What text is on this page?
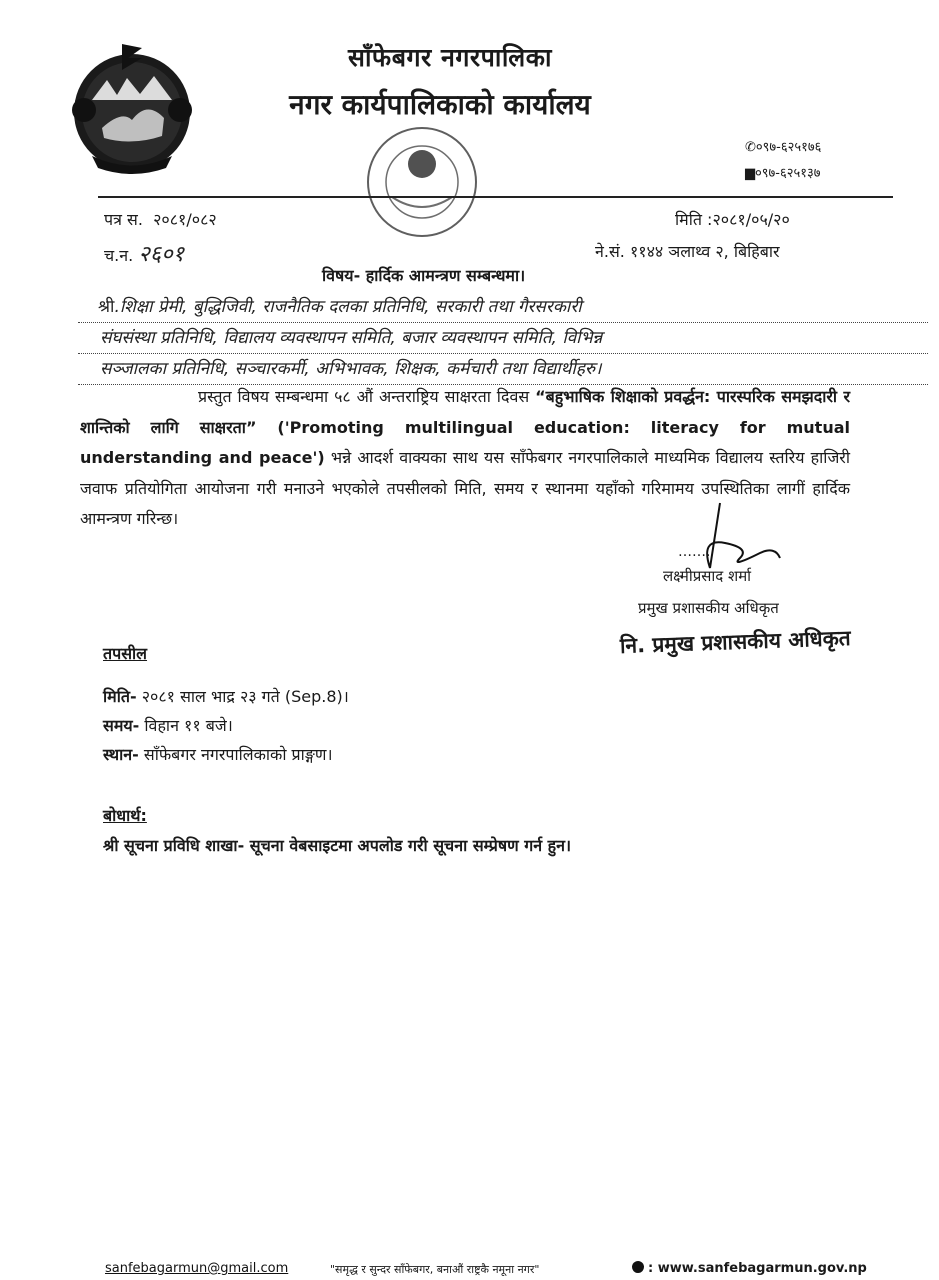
साँफेबगर नगरपालिका
नगर कार्यपालिकाको कार्यालय
✆०९७-६२५१७६
▆०९७-६२५१३७
पत्र स. २०८१/०८२
च.न. २६०१
मिति :२०८१/०५/२०
ने.सं. ११४४ ञलाथ्व २, बिहिबार
विषय- हार्दिक आमन्त्रण सम्बन्धमा।
श्री.शिक्षा प्रेमी, बुद्धिजिवी, राजनैतिक दलका प्रतिनिधि, सरकारी तथा गैरसरकारी
संघसंस्था प्रतिनिधि, विद्यालय व्यवस्थापन समिति, बजार व्यवस्थापन समिति, विभिन्न
सञ्जालका प्रतिनिधि, सञ्चारकर्मी, अभिभावक, शिक्षक, कर्मचारी तथा विद्यार्थीहरु।
प्रस्तुत विषय सम्बन्धमा ५८ औं अन्तराष्ट्रिय साक्षरता दिवस “बहुभाषिक शिक्षाको प्रवर्द्धन: पारस्परिक समझदारी र शान्तिको लागि साक्षरता” ('Promoting multilingual education: literacy for mutual understanding and peace') भन्ने आदर्श वाक्यका साथ यस साँफेबगर नगरपालिकाले माध्यमिक विद्यालय स्तरिय हाजिरी जवाफ प्रतियोगिता आयोजना गरी मनाउने भएकोले तपसीलको मिति, समय र स्थानमा यहाँको गरिमामय उपस्थितिका लागीं हार्दिक आमन्त्रण गरिन्छ।
…….
लक्ष्मीप्रसाद शर्मा
प्रमुख प्रशासकीय अधिकृत
नि. प्रमुख प्रशासकीय अधिकृत
तपसील
मिति- २०८१ साल भाद्र २३ गते (Sep.8)।
समय- विहान ११ बजे।
स्थान- साँफेबगर नगरपालिकाको प्राङ्गण।
बोधार्थ:
श्री सूचना प्रविधि शाखा- सूचना वेबसाइटमा अपलोड गरी सूचना सम्प्रेषण गर्न हुन।
sanfebagarmun@gmail.com	"समृद्ध र सुन्दर साँफेबगर, बनाऔं राष्ट्रकै नमूना नगर"	: www.sanfebagarmun.gov.np
